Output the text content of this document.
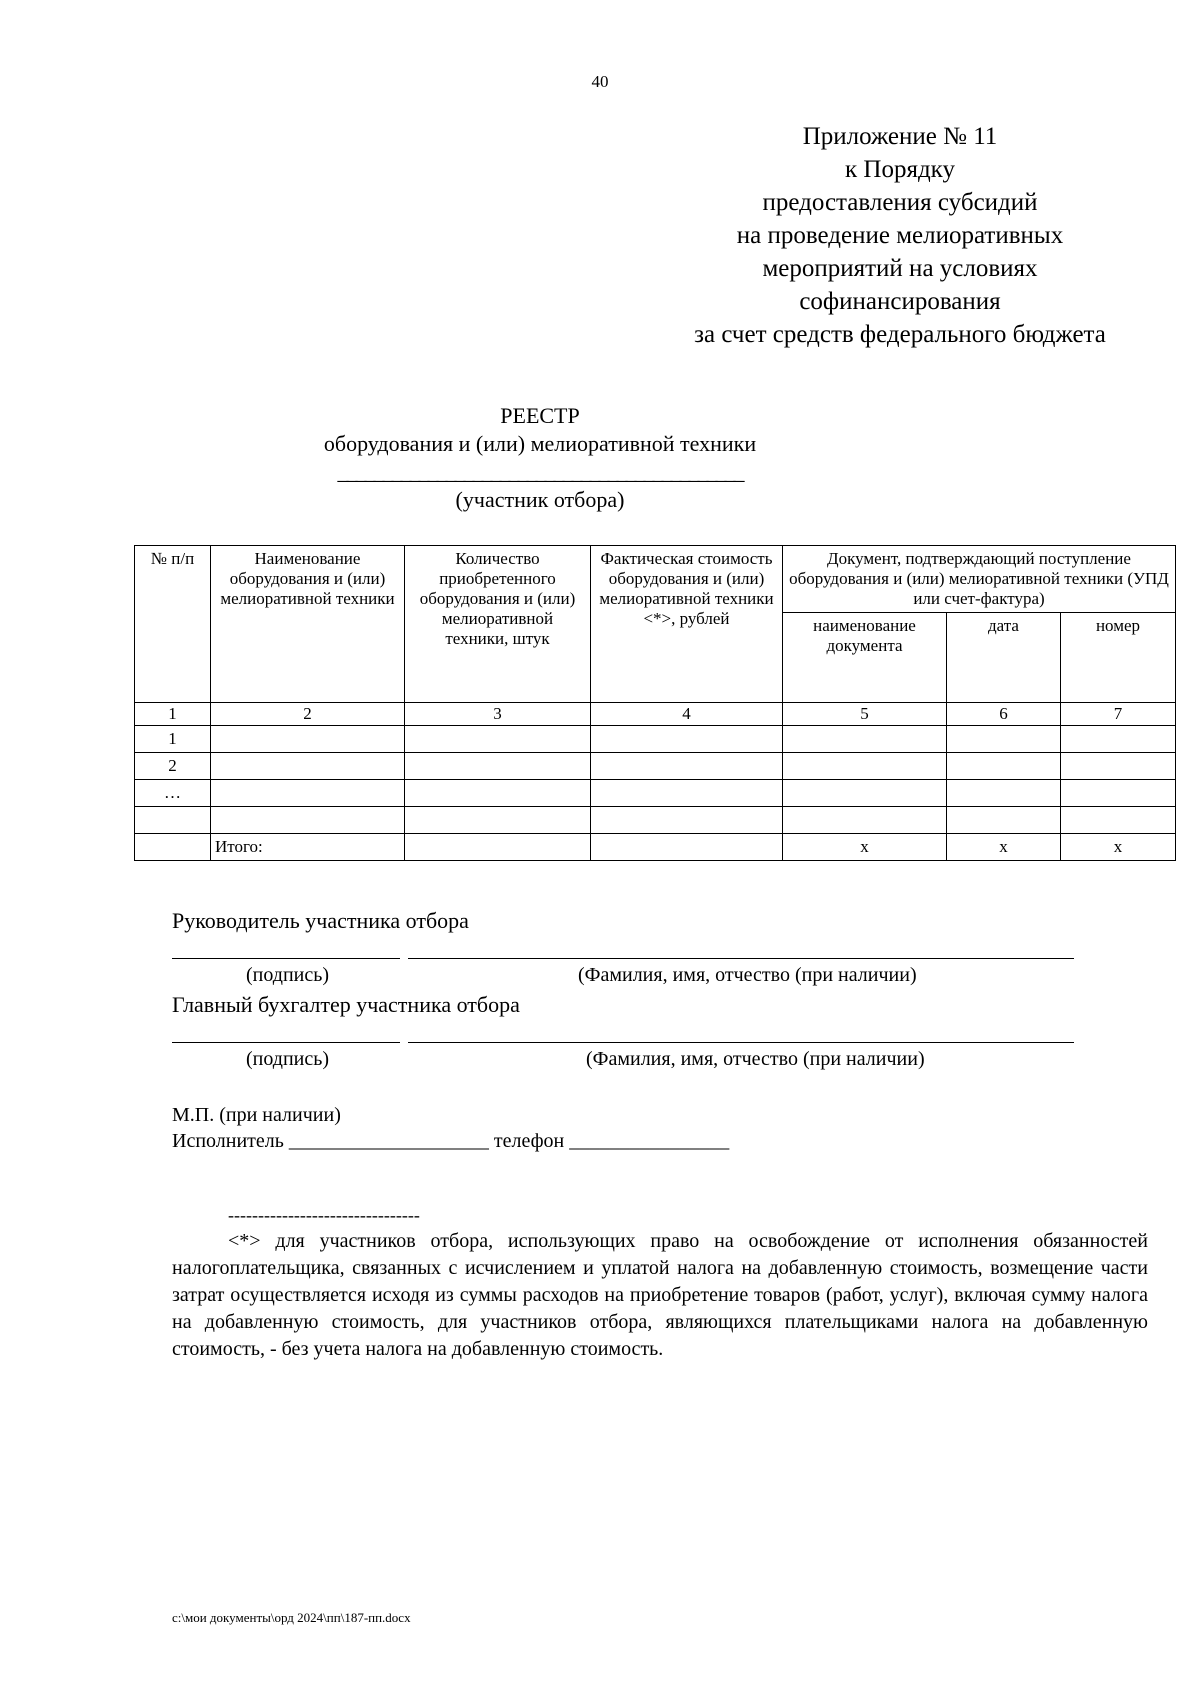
40
Приложение № 11
к Порядку
предоставления субсидий
на проведение мелиоративных
мероприятий на условиях
софинансирования
за счет средств федерального бюджета
РЕЕСТР
оборудования и (или) мелиоративной техники
_____________________________________________
(участник отбора)
№ п/п	Наименование оборудования и (или) мелиоративной техники	Количество приобретенного оборудования и (или) мелиоративной техники, штук	Фактическая стоимость оборудования и (или) мелиоративной техники <*>, рублей	Документ, подтверждающий поступление оборудования и (или) мелиоративной техники (УПД или счет-фактура)		
				наименование документа	дата	номер
1	2	3	4	5	6	7
1						
2						
…						

	Итого:			х	х	х
Руководитель участника отбора
(подпись)	(Фамилия, имя, отчество (при наличии)
Главный бухгалтер участника отбора
(подпись)	(Фамилия, имя, отчество (при наличии)
М.П. (при наличии)
Исполнитель ____________________ телефон ________________
--------------------------------
<*> для участников отбора, использующих право на освобождение от исполнения обязанностей налогоплательщика, связанных с исчислением и уплатой налога на добавленную стоимость, возмещение части затрат осуществляется исходя из суммы расходов на приобретение товаров (работ, услуг), включая сумму налога на добавленную стоимость, для участников отбора, являющихся плательщиками налога на добавленную стоимость, - без учета налога на добавленную стоимость.
c:\мои документы\орд 2024\пп\187-пп.docx
